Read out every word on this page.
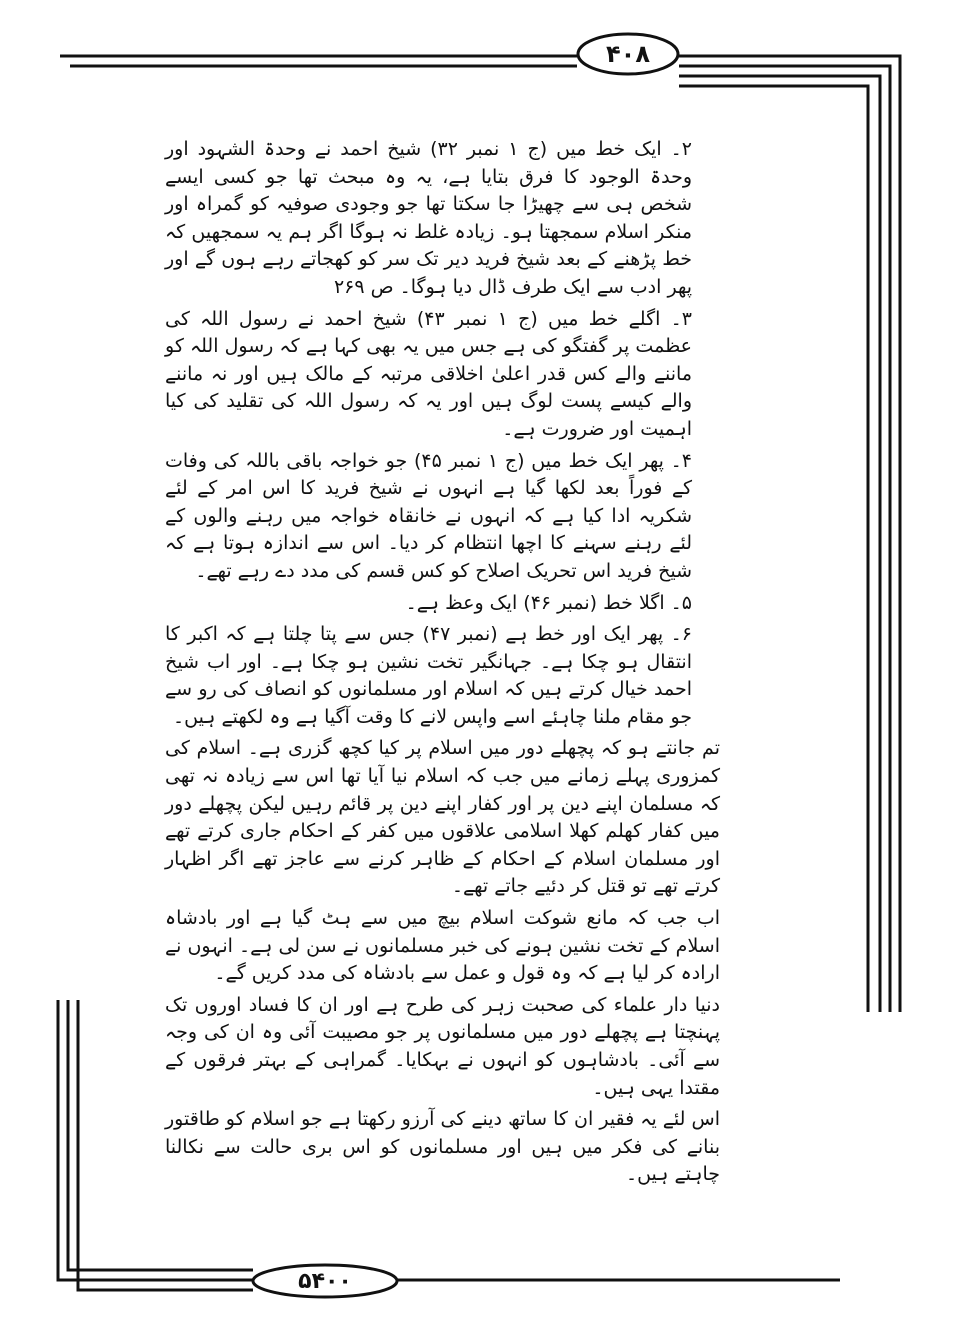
۴۰۸

۲۔ ایک خط میں (ج ۱ نمبر ۳۲) شیخ احمد نے وحدۃ الشہود اور وحدۃ الوجود کا فرق بتایا ہے، یہ وہ مبحث تھا جو کسی ایسے شخص ہی سے چھیڑا جا سکتا تھا جو وجودی صوفیہ کو گمراہ اور منکر اسلام سمجھتا ہو۔ زیادہ غلط نہ ہوگا اگر ہم یہ سمجھیں کہ خط پڑھنے کے بعد شیخ فرید دیر تک سر کو کھجاتے رہے ہوں گے اور پھر ادب سے ایک طرف ڈال دیا ہوگا۔ ص ۲۶۹

۳۔ اگلے خط میں (ج ۱ نمبر ۴۳) شیخ احمد نے رسول اللہ کی عظمت پر گفتگو کی ہے جس میں یہ بھی کہا ہے کہ رسول اللہ کو ماننے والے کس قدر اعلیٰ اخلاقی مرتبہ کے مالک ہیں اور نہ ماننے والے کیسے پست لوگ ہیں اور یہ کہ رسول اللہ کی تقلید کی کیا اہمیت اور ضرورت ہے۔

۴۔ پھر ایک خط میں (ج ۱ نمبر ۴۵) جو خواجہ باقی باللہ کی وفات کے فوراً بعد لکھا گیا ہے انہوں نے شیخ فرید کا اس امر کے لئے شکریہ ادا کیا ہے کہ انہوں نے خانقاہ خواجہ میں رہنے والوں کے لئے رہنے سہنے کا اچھا انتظام کر دیا۔ اس سے اندازہ ہوتا ہے کہ شیخ فرید اس تحریک اصلاح کو کس قسم کی مدد دے رہے تھے۔

۵۔ اگلا خط (نمبر ۴۶) ایک وعظ ہے۔

۶۔ پھر ایک اور خط ہے (نمبر ۴۷) جس سے پتا چلتا ہے کہ اکبر کا انتقال ہو چکا ہے۔ جہانگیر تخت نشین ہو چکا ہے۔ اور اب شیخ احمد خیال کرتے ہیں کہ اسلام اور مسلمانوں کو انصاف کی رو سے جو مقام ملنا چاہئے اسے واپس لانے کا وقت آگیا ہے وہ لکھتے ہیں۔

تم جانتے ہو کہ پچھلے دور میں اسلام پر کیا کچھ گزری ہے۔ اسلام کی کمزوری پہلے زمانے میں جب کہ اسلام نیا آیا تھا اس سے زیادہ نہ تھی کہ مسلمان اپنے دین پر اور کفار اپنے دین پر قائم رہیں لیکن پچھلے دور میں کفار کھلم کھلا اسلامی علاقوں میں کفر کے احکام جاری کرتے تھے اور مسلمان اسلام کے احکام کے ظاہر کرنے سے عاجز تھے اگر اظہار کرتے تھے تو قتل کر دئیے جاتے تھے۔

اب جب کہ مانع شوکت اسلام بیچ میں سے ہٹ گیا ہے اور بادشاہ اسلام کے تخت نشین ہونے کی خبر مسلمانوں نے سن لی ہے۔ انہوں نے ارادہ کر لیا ہے کہ وہ قول و عمل سے بادشاہ کی مدد کریں گے۔

دنیا دار علماء کی صحبت زہر کی طرح ہے اور ان کا فساد اوروں تک پہنچتا ہے پچھلے دور میں مسلمانوں پر جو مصیبت آئی وہ ان کی وجہ سے آئی۔ بادشاہوں کو انہوں نے بہکایا۔ گمراہی کے بہتر فرقوں کے مقتدا یہی ہیں۔

اس لئے یہ فقیر ان کا ساتھ دینے کی آرزو رکھتا ہے جو اسلام کو طاقتور بنانے کی فکر میں ہیں اور مسلمانوں کو اس بری حالت سے نکالنا چاہتے ہیں۔

۵۴۰۰
